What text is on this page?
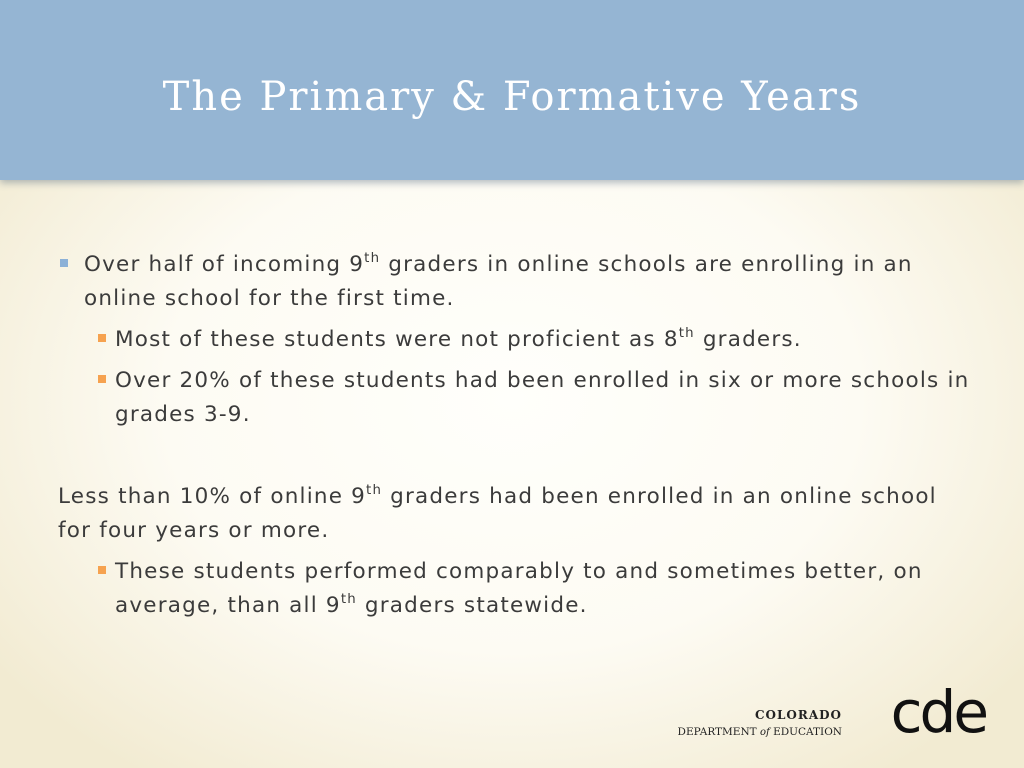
The Primary & Formative Years
Over half of incoming 9th graders in online schools are enrolling in an online school for the first time.
Most of these students were not proficient as 8th graders.
Over 20% of these students had been enrolled in six or more schools in grades 3-9.
Less than 10% of online 9th graders had been enrolled in an online school for four years or more.
These students performed comparably to and sometimes better, on average, than all 9th graders statewide.
COLORADO
DEPARTMENT of EDUCATION cde
